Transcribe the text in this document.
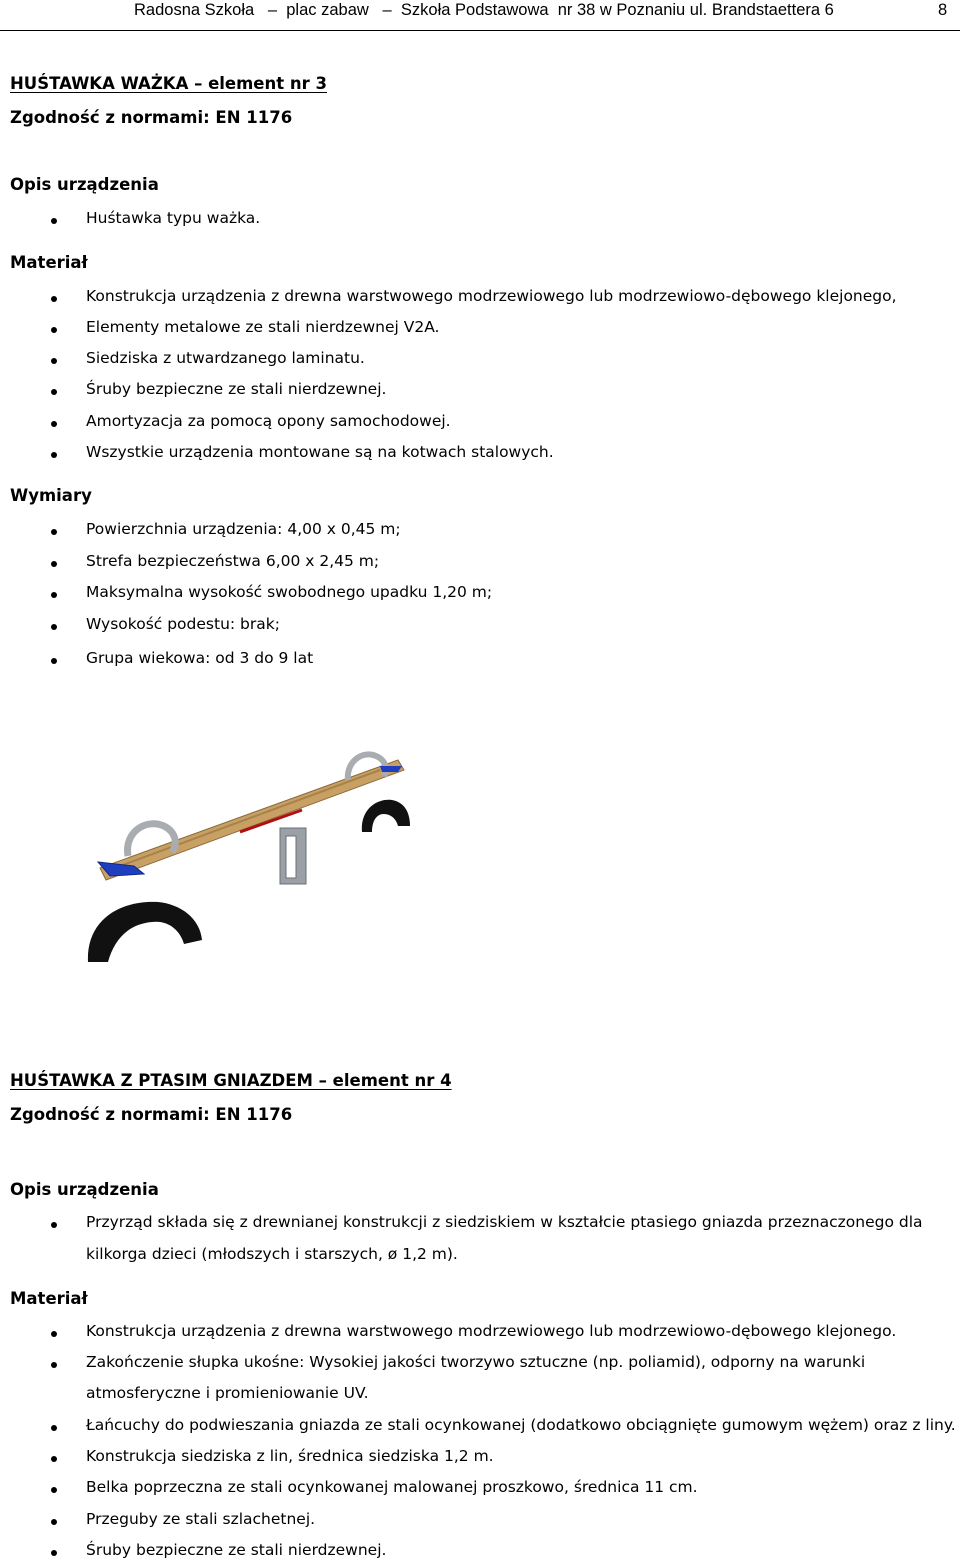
Radosna Szkoła   –  plac zabaw   –  Szkoła Podstawowa  nr 38 w Poznaniu ul. Brandstaettera 6	8
HUŚTAWKA WAŻKA – element nr 3
Zgodność z normami: EN 1176
Opis urządzenia
Huśtawka typu ważka.
Materiał
Konstrukcja urządzenia z drewna warstwowego modrzewiowego lub modrzewiowo-dębowego klejonego,
Elementy metalowe ze stali nierdzewnej V2A.
Siedziska z utwardzanego laminatu.
Śruby bezpieczne ze stali nierdzewnej.
Amortyzacja za pomocą opony samochodowej.
Wszystkie urządzenia montowane są na kotwach stalowych.
Wymiary
Powierzchnia urządzenia: 4,00 x 0,45 m;
Strefa bezpieczeństwa 6,00 x 2,45 m;
Maksymalna wysokość swobodnego upadku 1,20 m;
Wysokość podestu: brak;
Grupa wiekowa: od 3 do 9 lat
HUŚTAWKA Z PTASIM GNIAZDEM – element nr 4
Zgodność z normami: EN 1176
Opis urządzenia
Przyrząd składa się z drewnianej konstrukcji z siedziskiem w kształcie ptasiego gniazda przeznaczonego dla
kilkorga dzieci (młodszych i starszych, ø 1,2 m).
Materiał
Konstrukcja urządzenia z drewna warstwowego modrzewiowego lub modrzewiowo-dębowego klejonego.
Zakończenie słupka ukośne: Wysokiej jakości tworzywo sztuczne (np. poliamid), odporny na warunki
atmosferyczne i promieniowanie UV.
Łańcuchy do podwieszania gniazda ze stali ocynkowanej (dodatkowo obciągnięte gumowym wężem) oraz z liny.
Konstrukcja siedziska z lin, średnica siedziska 1,2 m.
Belka poprzeczna ze stali ocynkowanej malowanej proszkowo, średnica 11 cm.
Przeguby ze stali szlachetnej.
Śruby bezpieczne ze stali nierdzewnej.
